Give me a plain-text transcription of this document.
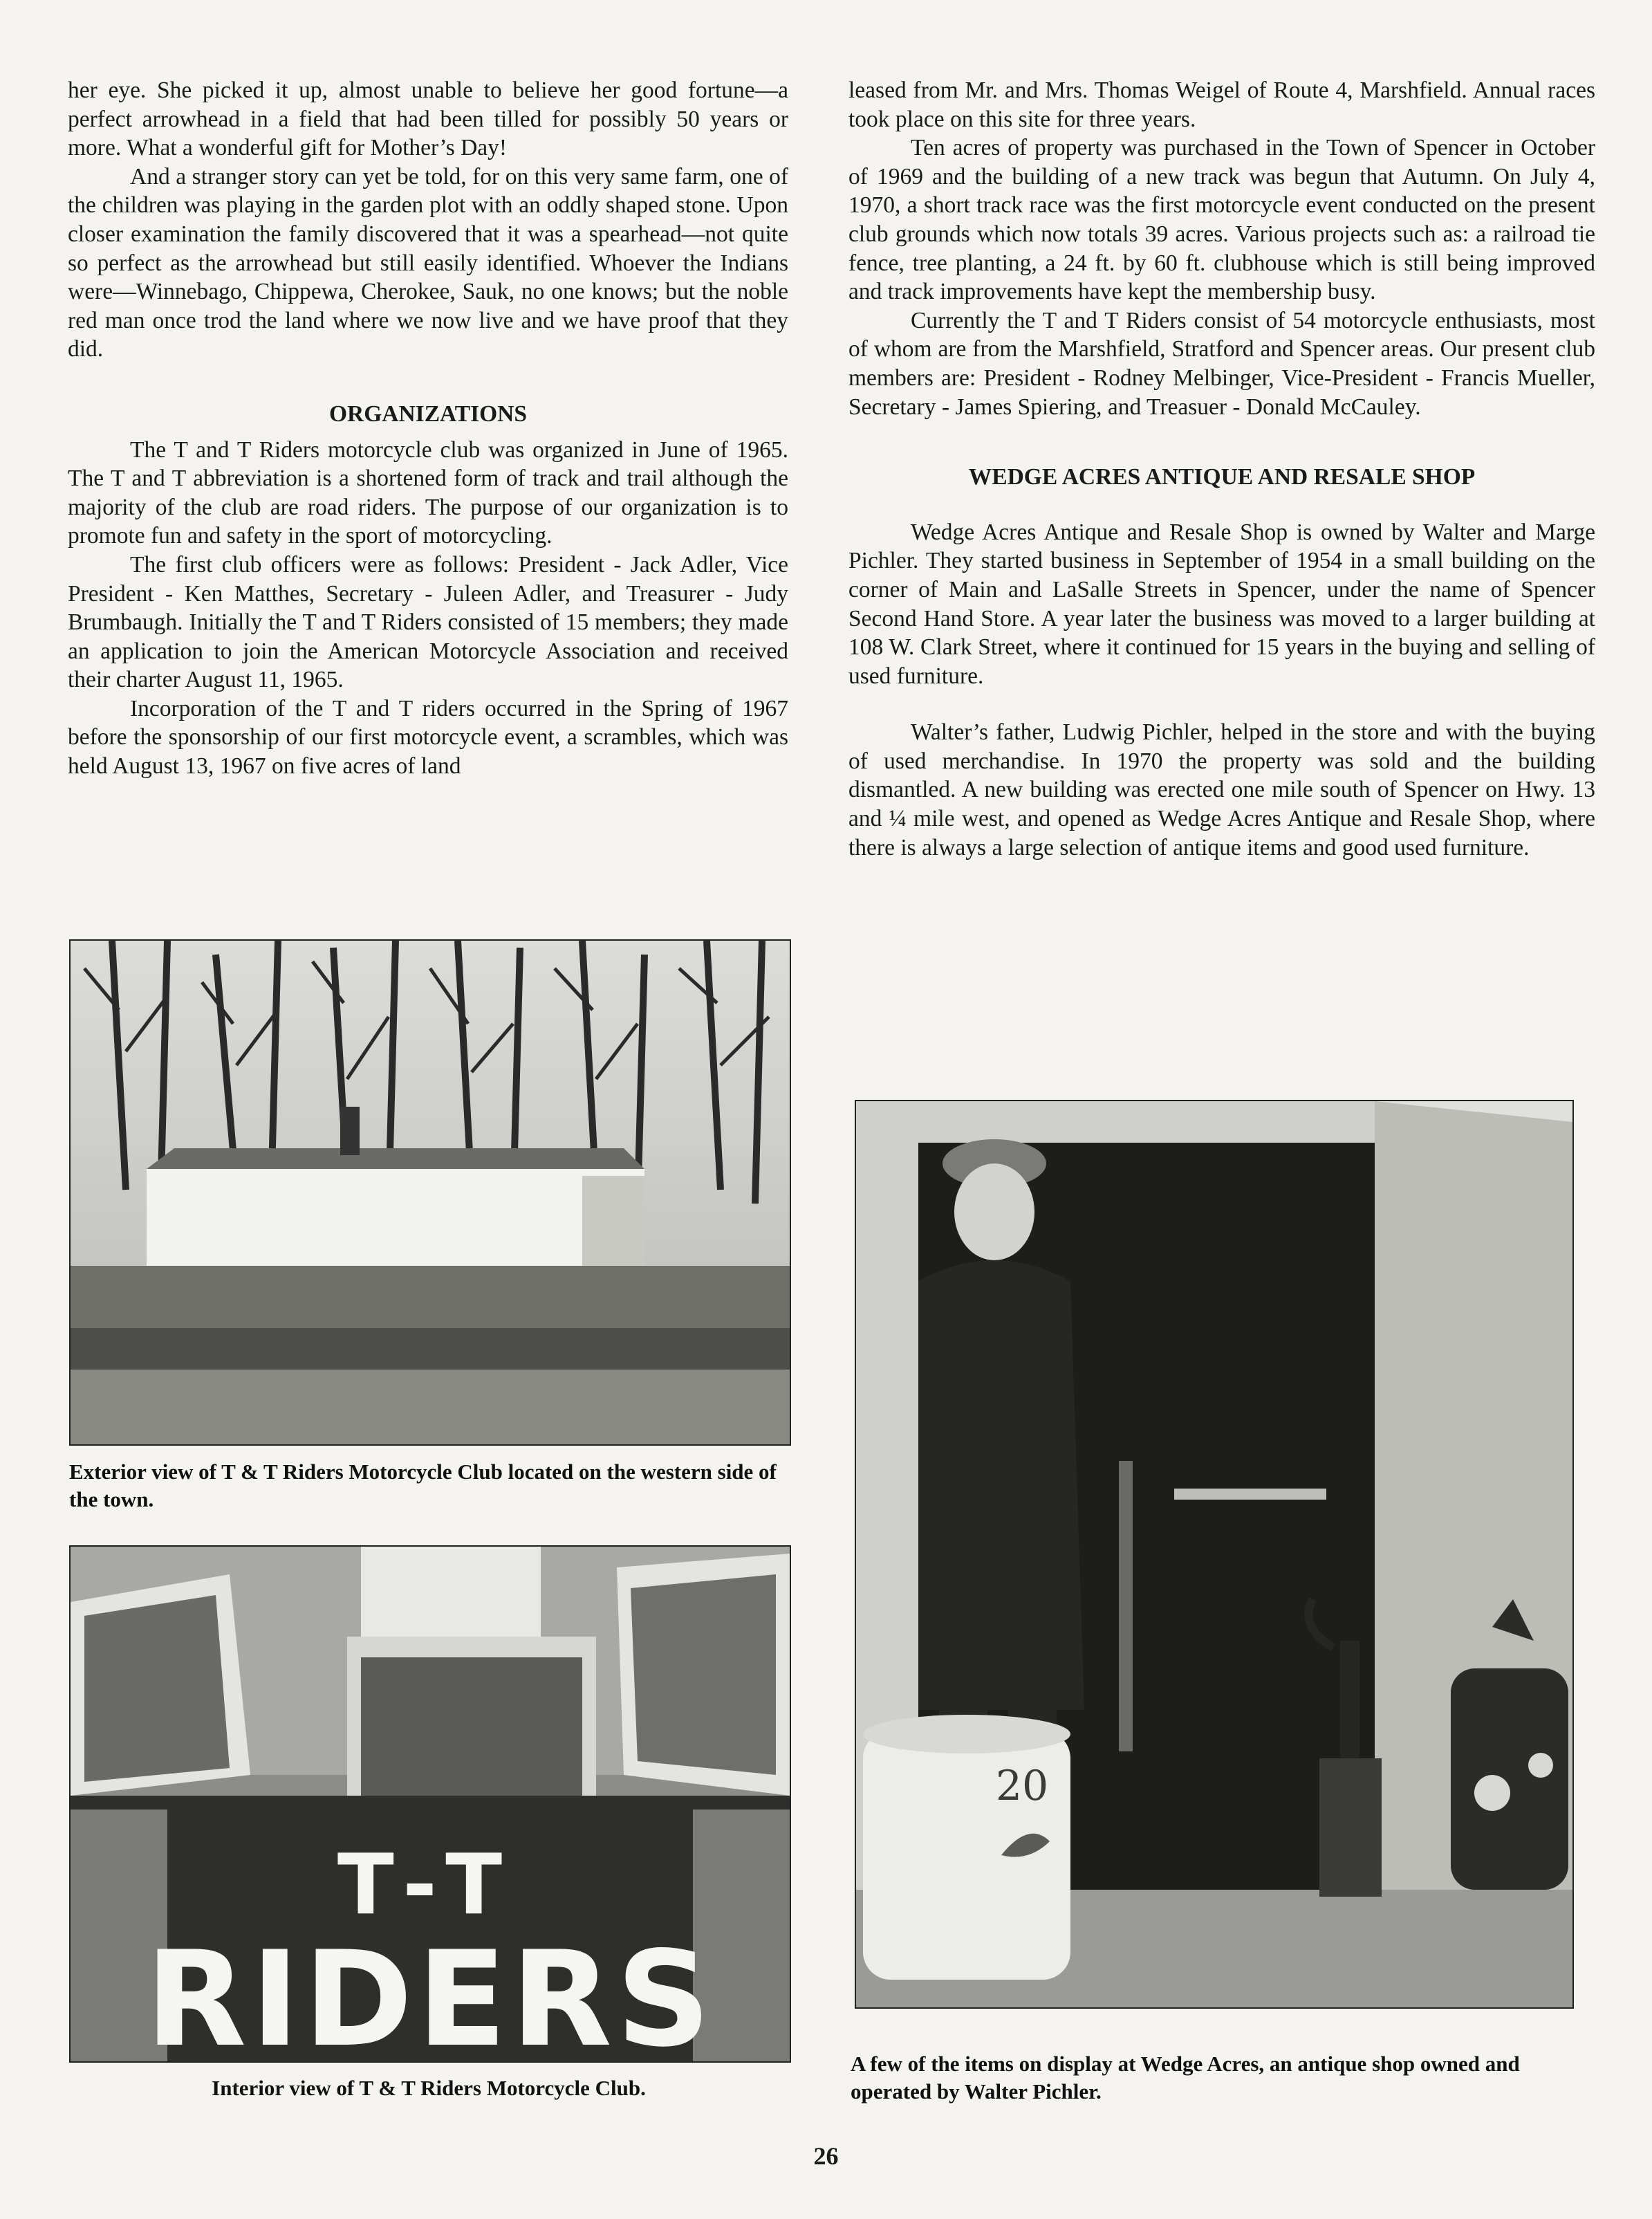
her eye. She picked it up, almost unable to believe her good fortune—a perfect arrowhead in a field that had been tilled for possibly 50 years or more. What a wonderful gift for Mother’s Day!

And a stranger story can yet be told, for on this very same farm, one of the children was playing in the garden plot with an oddly shaped stone. Upon closer examination the family discovered that it was a spearhead—not quite so perfect as the arrowhead but still easily identified. Whoever the Indians were—Winnebago, Chippewa, Cherokee, Sauk, no one knows; but the noble red man once trod the land where we now live and we have proof that they did.

ORGANIZATIONS

The T and T Riders motorcycle club was organized in June of 1965. The T and T abbreviation is a shortened form of track and trail although the majority of the club are road riders. The purpose of our organization is to promote fun and safety in the sport of motorcycling.

The first club officers were as follows: President - Jack Adler, Vice President - Ken Matthes, Secretary - Juleen Adler, and Treasurer - Judy Brumbaugh. Initially the T and T Riders consisted of 15 members; they made an application to join the American Motorcycle Association and received their charter August 11, 1965.

Incorporation of the T and T riders occurred in the Spring of 1967 before the sponsorship of our first motorcycle event, a scrambles, which was held August 13, 1967 on five acres of land

leased from Mr. and Mrs. Thomas Weigel of Route 4, Marshfield. Annual races took place on this site for three years.

Ten acres of property was purchased in the Town of Spencer in October of 1969 and the building of a new track was begun that Autumn. On July 4, 1970, a short track race was the first motorcycle event conducted on the present club grounds which now totals 39 acres. Various projects such as: a railroad tie fence, tree planting, a 24 ft. by 60 ft. clubhouse which is still being improved and track improvements have kept the membership busy.

Currently the T and T Riders consist of 54 motorcycle enthusiasts, most of whom are from the Marshfield, Stratford and Spencer areas. Our present club members are: President - Rodney Melbinger, Vice-President - Francis Mueller, Secretary - James Spiering, and Treasuer - Donald McCauley.

WEDGE ACRES ANTIQUE AND RESALE SHOP

Wedge Acres Antique and Resale Shop is owned by Walter and Marge Pichler. They started business in September of 1954 in a small building on the corner of Main and LaSalle Streets in Spencer, under the name of Spencer Second Hand Store. A year later the business was moved to a larger building at 108 W. Clark Street, where it continued for 15 years in the buying and selling of used furniture.

Walter’s father, Ludwig Pichler, helped in the store and with the buying of used merchandise. In 1970 the property was sold and the building dismantled. A new building was erected one mile south of Spencer on Hwy. 13 and ¼ mile west, and opened as Wedge Acres Antique and Resale Shop, where there is always a large selection of antique items and good used furniture.

Exterior view of T & T Riders Motorcycle Club located on the western side of the town.
T-T
RIDERS
Interior view of T & T Riders Motorcycle Club.
20
A few of the items on display at Wedge Acres, an antique shop owned and operated by Walter Pichler.
26
